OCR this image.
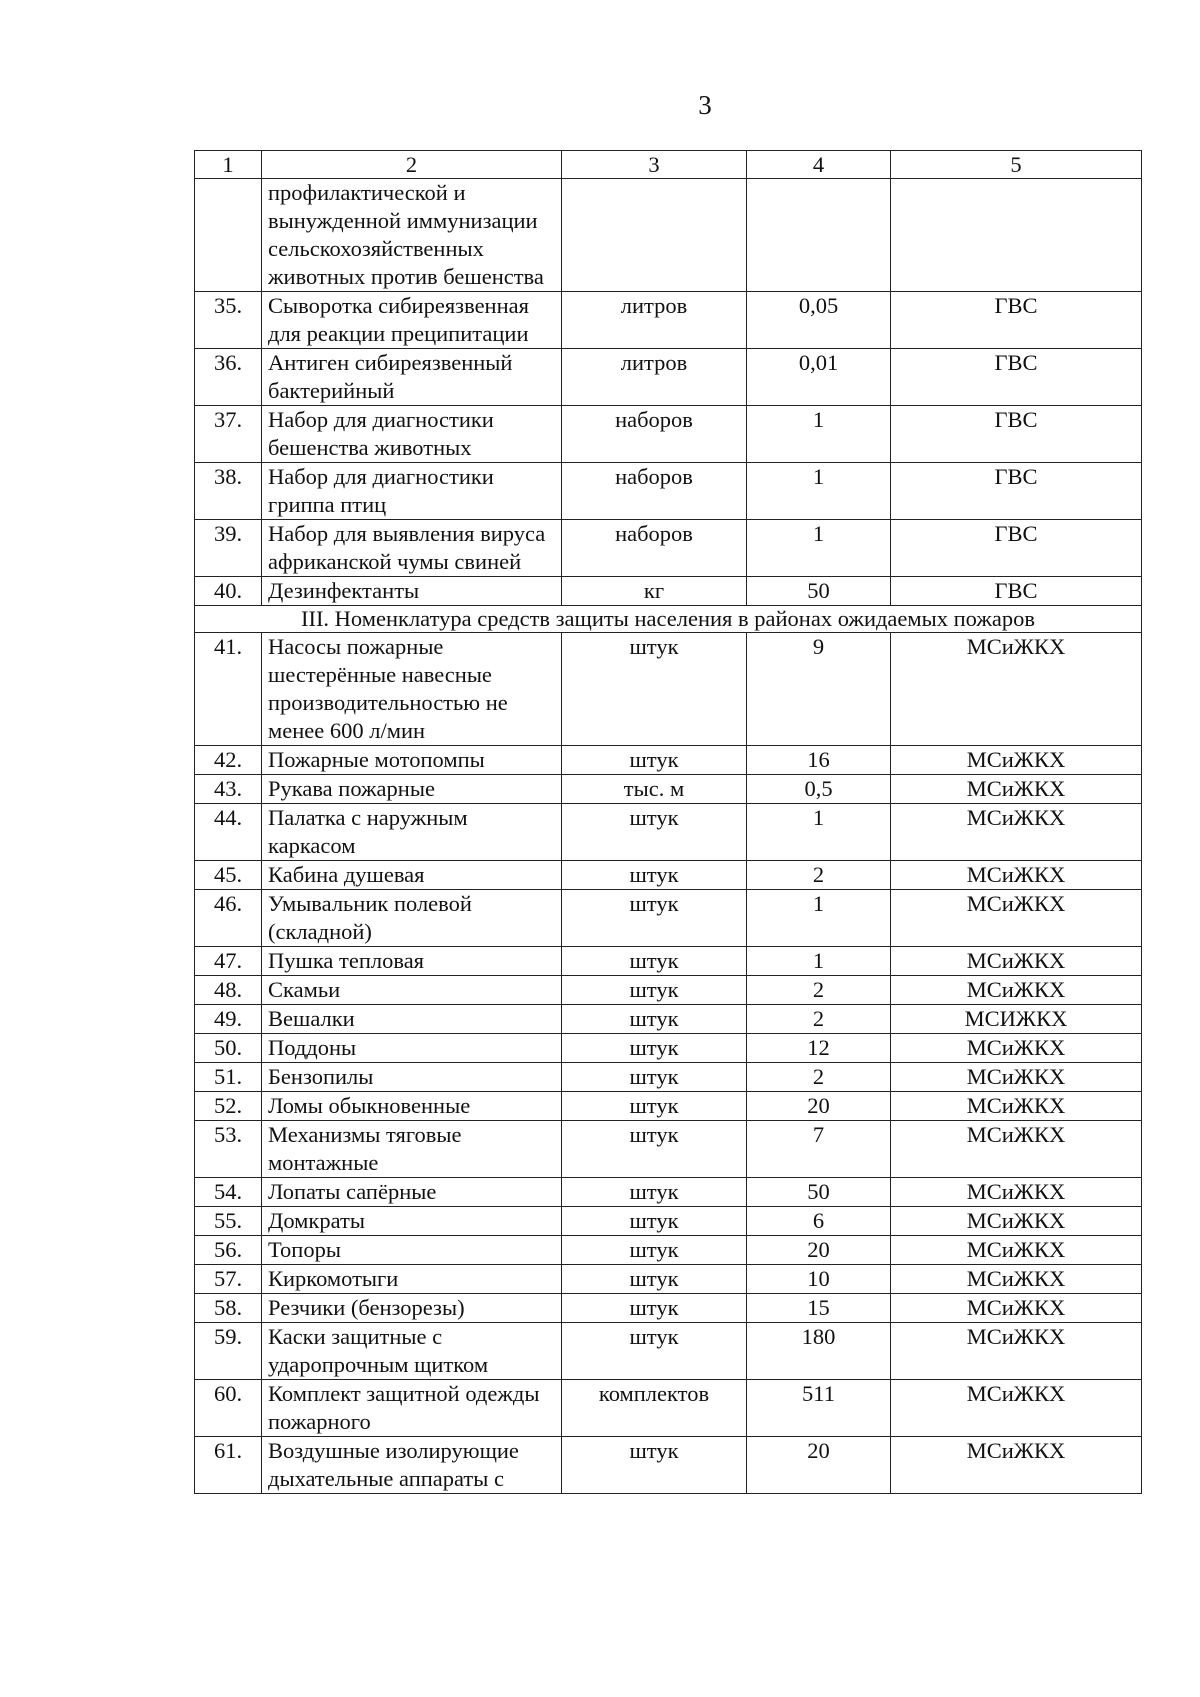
3
1	2	3	4	5
	профилактической и вынужденной иммунизации сельскохозяйственных животных против бешенства			
35.	Сыворотка сибиреязвенная для реакции преципитации	литров	0,05	ГВС
36.	Антиген сибиреязвенный бактерийный	литров	0,01	ГВС
37.	Набор для диагностики бешенства животных	наборов	1	ГВС
38.	Набор для диагностики гриппа птиц	наборов	1	ГВС
39.	Набор для выявления вируса африканской чумы свиней	наборов	1	ГВС
40.	Дезинфектанты	кг	50	ГВС
III. Номенклатура средств защиты населения в районах ожидаемых пожаров				
41.	Насосы пожарные шестерённые навесные производительностью не менее 600 л/мин	штук	9	МСиЖКХ
42.	Пожарные мотопомпы	штук	16	МСиЖКХ
43.	Рукава пожарные	тыс. м	0,5	МСиЖКХ
44.	Палатка с наружным каркасом	штук	1	МСиЖКХ
45.	Кабина душевая	штук	2	МСиЖКХ
46.	Умывальник полевой (складной)	штук	1	МСиЖКХ
47.	Пушка тепловая	штук	1	МСиЖКХ
48.	Скамьи	штук	2	МСиЖКХ
49.	Вешалки	штук	2	МСИЖКХ
50.	Поддоны	штук	12	МСиЖКХ
51.	Бензопилы	штук	2	МСиЖКХ
52.	Ломы обыкновенные	штук	20	МСиЖКХ
53.	Механизмы тяговые монтажные	штук	7	МСиЖКХ
54.	Лопаты сапёрные	штук	50	МСиЖКХ
55.	Домкраты	штук	6	МСиЖКХ
56.	Топоры	штук	20	МСиЖКХ
57.	Киркомотыги	штук	10	МСиЖКХ
58.	Резчики (бензорезы)	штук	15	МСиЖКХ
59.	Каски защитные с ударопрочным щитком	штук	180	МСиЖКХ
60.	Комплект защитной одежды пожарного	комплектов	511	МСиЖКХ
61.	Воздушные изолирующие дыхательные аппараты с	штук	20	МСиЖКХ
